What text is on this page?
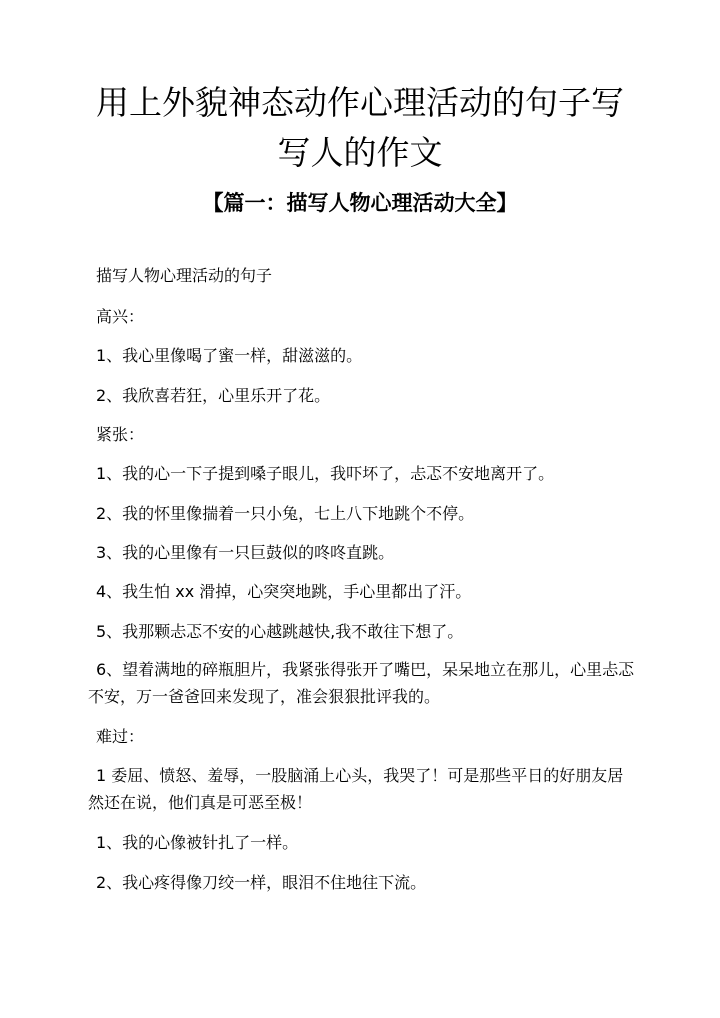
用上外貌神态动作心理活动的句子写写人的作文
【篇一：描写人物心理活动大全】

描写人物心理活动的句子

高兴：

1、我心里像喝了蜜一样，甜滋滋的。

2、我欣喜若狂，心里乐开了花。

紧张：

1、我的心一下子提到嗓子眼儿，我吓坏了，忐忑不安地离开了。

2、我的怀里像揣着一只小兔，七上八下地跳个不停。

3、我的心里像有一只巨鼓似的咚咚直跳。

4、我生怕 xx 滑掉，心突突地跳，手心里都出了汗。

5、我那颗忐忑不安的心越跳越快,我不敢往下想了。

6、望着满地的碎瓶胆片，我紧张得张开了嘴巴，呆呆地立在那儿，心里忐忑不安，万一爸爸回来发现了，准会狠狠批评我的。

难过：

1 委屈、愤怒、羞辱，一股脑涌上心头，我哭了！可是那些平日的好朋友居然还在说，他们真是可恶至极！

1、我的心像被针扎了一样。

2、我心疼得像刀绞一样，眼泪不住地往下流。
